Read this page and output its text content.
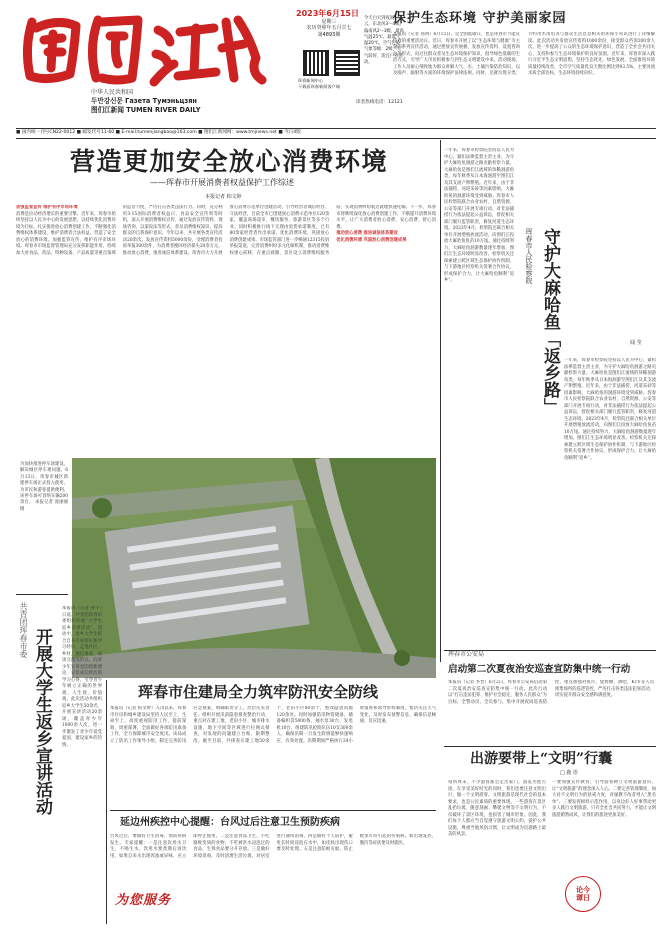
中华人民共和国
두만강신문 Газета Тумэньцзян
图们江新闻 TUMEN RIVER DAILY
2023年6月15日
星期三
农历癸卯年五月廿七
第4893期
珲春新闻中心
下载看珲春新闻客户端
今天白天到夜间：多云，东北风3～4级，偏南风2～3级，最高气温25℃，最低气温20℃。空气污染气象等级：2级，天气较好，适宜户外活动。
读者热线电话：12121
保护生态环境 守护美丽家园
本报讯（记者 孙禹）6月15日，是全国低碳日，也是珲春市节能宣传周的重要活动日。近日，珲春市开展了以“生态环境与健康”为主题的系列宣传活动，通过摆放宣传展板、发放宣传资料、设置咨询台等形式，向过往群众普及生态环境保护知识，倡导绿色低碳的生活方式，引导广大市民积极参与到生态文明建设中来。活动现场，工作人员耐心细致地为群众讲解大气、水、土壤污染防治知识，以及噪声、辐射等方面的环境保护法律法规。同时，还就垃圾分类、节约用水用电等与群众生活息息相关的环保小常识进行了详细解读。此次活动共发放宣传资料1000余份，接受群众咨询200余人次，进一步提高了公众的生态环境保护意识，营造了全社会共同关心、支持和参与生态环境保护的良好氛围。近年来，珲春市深入践行习近平生态文明思想，坚持生态优先、绿色发展，全面推进环境质量持续改善，全市空气质量优良天数比例达到93.5%，主要河流水质全部达标，生态环境持续向好。
■ 国内统一刊号CN22-0012 ■ 邮发代号11-60 ■ E-mail:tumenjiangbao@163.com ■ 图们江新闻网：www.tmjnews.net ■ 今日4版
营造更加安全放心消费环境
——珲春市开展消费者权益保护工作综述
本报记者 柏文婷
加强监管宣传 维护有序市场环境
消费是拉动经济增长的重要引擎。近年来，珲春市始终坚持以人民为中心的发展思想，以持续优化消费环境为目标，扎实推进放心消费创建工作，不断强化消费维权体系建设，维护消费者合法权益，营造了安全放心的消费环境。加强监管宣传，维护有序市场环境。珲春市市场监督管理局充分发挥职能作用，持续加大对食品、药品、特种设备、产品质量等重点领域的监管力度，严厉打击各类违法行为。同时，充分利用3·15国际消费者权益日、食品安全宣传周等时机，深入开展消费维权宣传，通过发放宣传资料、现场咨询、以案说法等形式，普及消费维权知识，提高群众的自我保护意识。今年以来，共开展各类宣传活动20余次，发放宣传资料5000余份，受理消费者投诉举报300余件，为消费者挽回经济损失20余万元。推动放心消费，推进诚信体系建设。珲春市大力开展放心消费示范单位创建活动，引导经营者诚信经营、守法经营，目前全市已创建放心消费示范单位120余家，覆盖商场超市、餐饮服务、旅游景区等多个行业。同时积极推行线下无理由退货承诺制度，已有80余家经营者作出承诺。优化消费环境，巩固放心消费创建成果。市场监管部门进一步畅通12315投诉举报渠道，完善消费纠纷多元化解机制，推动消费维权重心前移，在重点商圈、景区设立消费维权服务站，实现消费纠纷就近就地快速化解。下一步，珲春市将继续深化放心消费创建工作，不断提升消费环境水平，让广大消费者放心消费、安心消费、舒心消费。
推动放心消费 推进诚信体系建设
优化消费环境 巩固放心消费创建成果
一年来，珲春市检察院坚持以人民为中心，紧扣法律监督主责主业，为守护大麻哈鱼洄游之路贡献检察力量。大麻哈鱼是图们江流域的珍稀洄游鱼类，每年秋季从日本海洄游至图们江及其支流产卵繁殖。近年来，由于非法捕捞、河道采砂等因素影响，大麻哈鱼的洄游环境受到威胁。珲春市人民检察院联合农业农村、自然资源、公安等部门开展专项行动，对非法捕捞行为依法提起公益诉讼，督促相关部门履行监管职责，修复河道生态环境。2023年4月，检察院还联合相关单位开展增殖放流活动，向图们江投放大麻哈鱼鱼苗10万尾。通过持续努力，大麻哈鱼洄游数量逐年增加，图们江生态环境明显改善。检察机关还探索建立跨区域生态保护协作机制，与下游地区检察机关签署合作协议，形成保护合力，让大麻哈鱼顺利“返乡”。	珲春市人民检察院 守护大麻哈鱼「返乡路」	闻 莹
一年来，珲春市检察院坚持以人民为中心，紧扣法律监督主责主业，为守护大麻哈鱼洄游之路贡献检察力量。大麻哈鱼是图们江流域的珍稀洄游鱼类，每年秋季从日本海洄游至图们江及其支流产卵繁殖。近年来，由于非法捕捞、河道采砂等因素影响，大麻哈鱼的洄游环境受到威胁。珲春市人民检察院联合农业农村、自然资源、公安等部门开展专项行动，对非法捕捞行为依法提起公益诉讼，督促相关部门履行监管职责，修复河道生态环境。2023年4月，检察院还联合相关单位开展增殖放流活动，向图们江投放大麻哈鱼鱼苗10万尾。通过持续努力，大麻哈鱼洄游数量逐年增加，图们江生态环境明显改善。检察机关还探索建立跨区域生态保护协作机制，与下游地区检察机关签署合作协议，形成保护合力，让大麻哈鱼顺利“返乡”。
为加快推进停车场建设，解决城区停车难问题，6月13日，珲春市城区新建停车场正式投入使用，为市民和游客提供便利。该停车场可容纳车辆200余台。 本报记者 庞丽丽 摄
共青团珲春市委 开展大学生返乡宣讲活动
本报讯（记者 孙宇）日前，共青团珲春市委组织开展“大学生返乡宣讲活动”。活动中，返乡大学生结合自身专业特长和学习经历，走进社区、乡村，通过讲座、座谈交流等形式，向青少年宣讲党的创新理论、分享成长经历和学习心得，引导青少年树立正确的世界观、人生观、价值观。此次活动共组织返乡大学生50余名，开展宣讲活动20余场，覆盖青少年1000余人次，进一步激发了青少年爱党爱国、建设家乡的热情。
珲春市住建局全力筑牢防汛安全防线
本报讯（记者 柏文婷）入汛以来，珲春市住房和城乡建设局坚持人民至上、生命至上，高度重视防汛工作，提前谋划、周密部署，全面做好各项防汛准备工作，全力保障城市安全度汛。该局成立了防汛工作领导小组，制定完善防汛应急预案，明确职责分工，层层压实责任。组织开展汛前隐患排查整治行动，重点对在建工地、老旧小区、城市排水设施、地下空间等区域进行拉网式排查，对发现的问题建立台账，限期整改。截至目前，共排查在建工地50余个、老旧小区80余个，整改隐患问题120余处。同时加强防汛物资储备，储备编织袋5000条、抽水泵30台、发电机10台，组建防汛抢险队伍10支300余人，确保汛期一旦发生险情能够快速响应、有效处置。汛期期间严格执行24小时值班和领导带班制度，密切关注天气变化，及时发布预警信息，确保信息畅通、反应迅速。
延边州疾控中心提醒：台风过后注意卫生预防疾病
台风过后，要做好卫生消毒，预防疾病发生。专家提醒：一是注意饮用水卫生，不喝生水，饮用水要煮沸后再饮用，如果自来水出现浑浊或异味，应立即停止使用。二是注意食品卫生，不吃腐败变质的食物，不吃被洪水浸泡过的食品，生熟食品要分开存放。三是做好环境消毒，及时清理生活垃圾，对居室进行通风消毒。四是做好个人防护，避免长时间浸泡在水中，如皮肤出现伤口要及时处理。五是注意防蚊灭蚊，防止蚊虫叮咬引起的传染病。如出现发热、腹泻等症状要及时就医。
为您服务
珲春市公安局
启动第二次夏夜治安巡查宣防集中统一行动
本报讯（记者 李晋）6月2日，珲春市公安局启动第二次夏夜治安巡查宣防集中统一行动。此次行动以“打击违法犯罪、维护社会稳定、服务人民群众”为目标，全警动员、全员参与，集中开展夜间巡查防控，重点加强对夜市、烧烤摊、酒吧、KTV等人员密集场所的巡逻管控，严厉打击各类违法犯罪活动，切实提升群众安全感和满意度。
出游要带上“文明”行囊
□ 鹿 语
每到周末，不少游客都会走出家门，游览名胜古迹。在享受美好时光的同时，我们也要注意文明出行，做一个文明游客。文明旅游是现代社会的基本要求，也是公民素质的重要体现。一些游客在景区乱扔垃圾、随意刻画、攀爬文物等不文明行为，不仅破坏了景区环境，也损害了城市形象。因此，我们每个人都应当自觉遵守旅游文明公约，爱护公共设施，尊重当地风俗习惯，让文明成为出游路上最美的风景。
一要加强宣传教育，引导游客树立文明旅游意识，让“文明旅游”的理念深入人心。二要完善管理制度，加大对不文明行为的惩戒力度，对屡教不改者列入“黑名单”。三要发挥榜样示范作用，以身边好人好事带动更多人践行文明旅游。只有全社会共同努力，才能让文明旅游蔚然成风，让我们的旅途更加美好。
论今谭日
